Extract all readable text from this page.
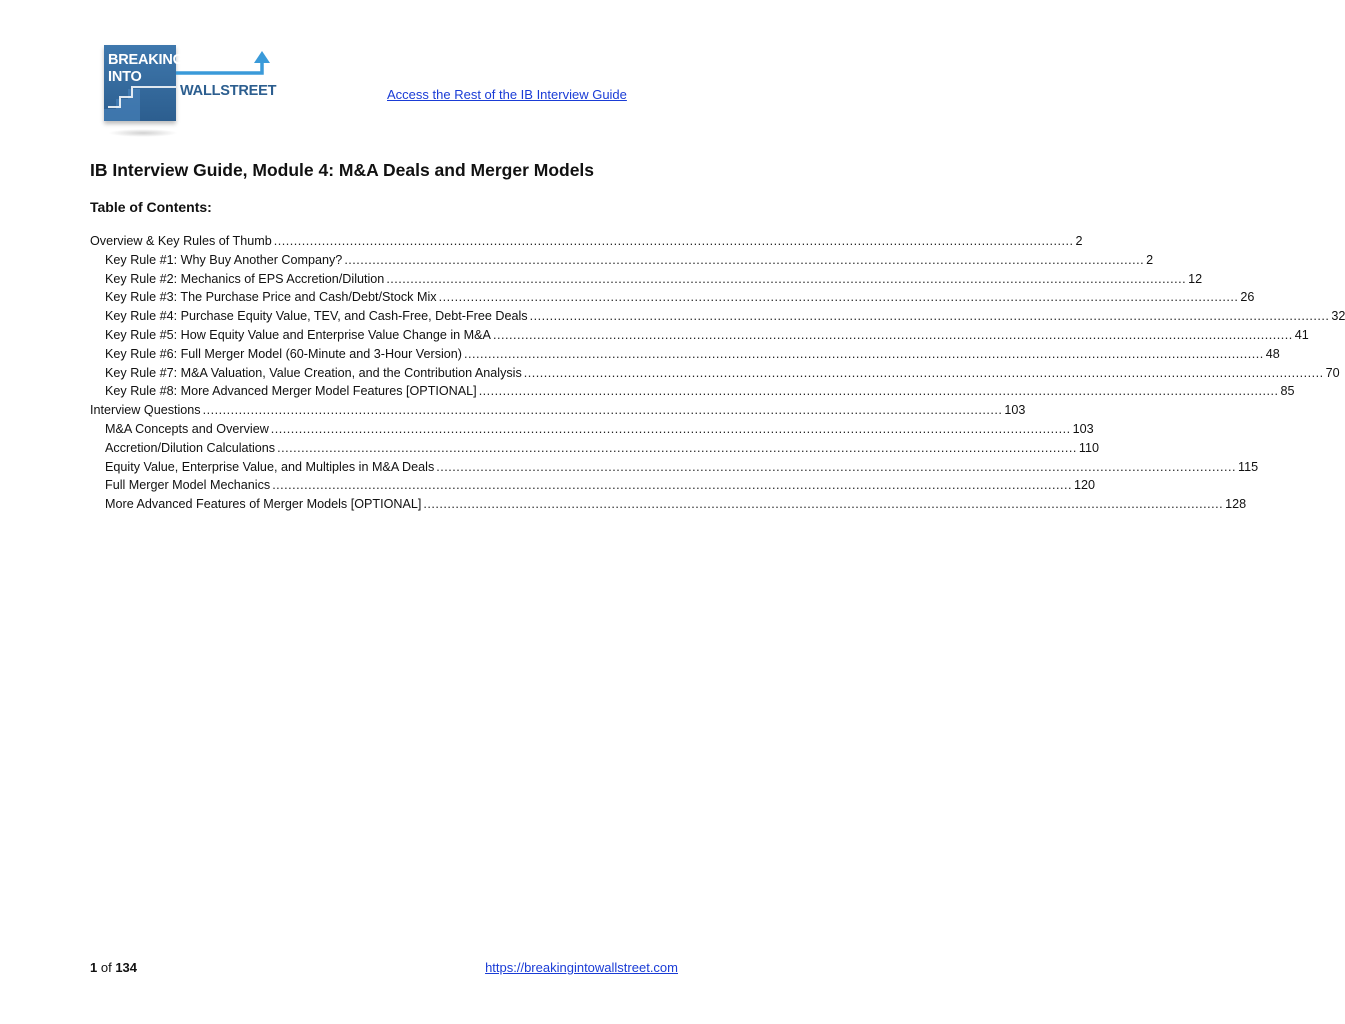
BREAKING
INTO
WALLSTREET	Access the Rest of the IB Interview Guide
IB Interview Guide, Module 4: M&A Deals and Merger Models
Table of Contents:
Overview & Key Rules of Thumb ........................................................................................................................................................................................................ 2
Key Rule #1: Why Buy Another Company? ........................................................................................................................................................................................................ 2
Key Rule #2: Mechanics of EPS Accretion/Dilution ........................................................................................................................................................................................................ 12
Key Rule #3: The Purchase Price and Cash/Debt/Stock Mix ........................................................................................................................................................................................................ 26
Key Rule #4: Purchase Equity Value, TEV, and Cash-Free, Debt-Free Deals ........................................................................................................................................................................................................ 32
Key Rule #5: How Equity Value and Enterprise Value Change in M&A ........................................................................................................................................................................................................ 41
Key Rule #6: Full Merger Model (60-Minute and 3-Hour Version) ........................................................................................................................................................................................................ 48
Key Rule #7: M&A Valuation, Value Creation, and the Contribution Analysis ........................................................................................................................................................................................................ 70
Key Rule #8: More Advanced Merger Model Features [OPTIONAL] ........................................................................................................................................................................................................ 85
Interview Questions ........................................................................................................................................................................................................ 103
M&A Concepts and Overview ........................................................................................................................................................................................................ 103
Accretion/Dilution Calculations ........................................................................................................................................................................................................ 110
Equity Value, Enterprise Value, and Multiples in M&A Deals ........................................................................................................................................................................................................ 115
Full Merger Model Mechanics ........................................................................................................................................................................................................ 120
More Advanced Features of Merger Models [OPTIONAL] ........................................................................................................................................................................................................ 128
1 of 134	https://breakingintowallstreet.com
